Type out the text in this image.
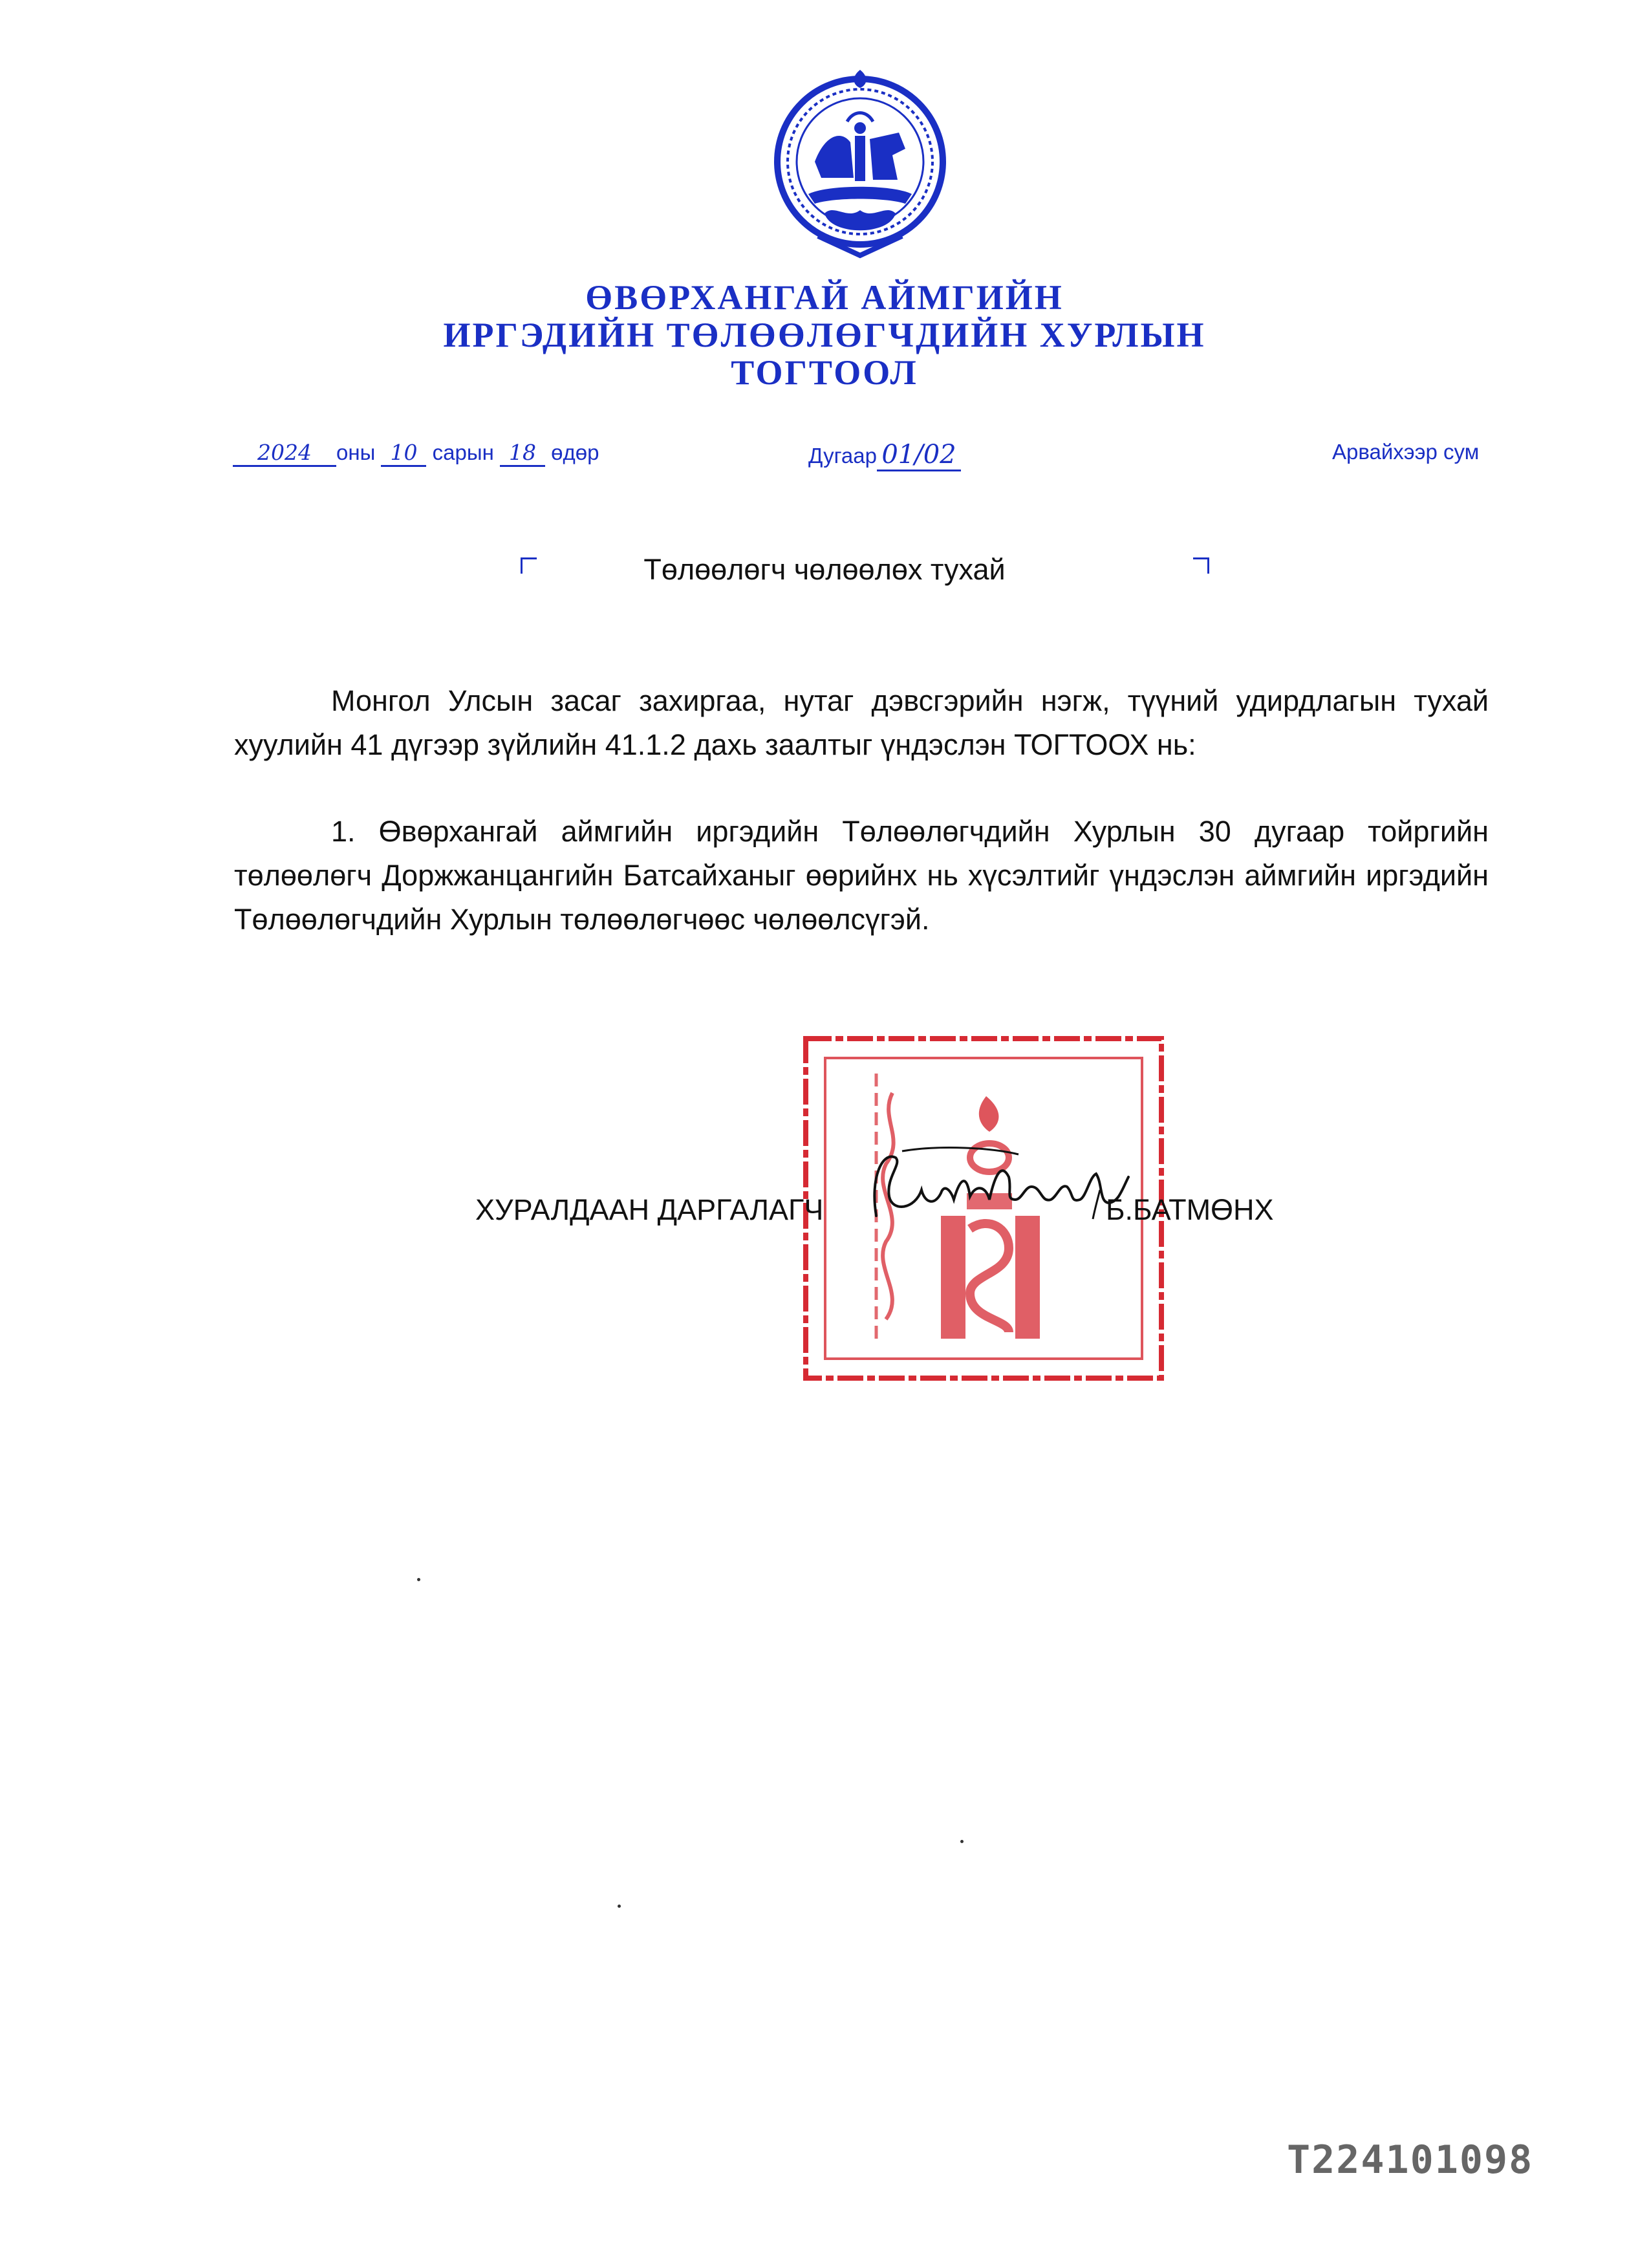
ӨВӨРХАНГАЙ АЙМГИЙН
ИРГЭДИЙН ТӨЛӨӨЛӨГЧДИЙН ХУРЛЫН
ТОГТООЛ
2024 оны 10 сарын 18 өдөр	Дугаар 01/02	Арвайхээр сум
Төлөөлөгч чөлөөлөх тухай

Монгол Улсын засаг захиргаа, нутаг дэвсгэрийн нэгж, түүний удирдлагын тухай хуулийн 41 дүгээр зүйлийн 41.1.2 дахь заалтыг үндэслэн ТОГТООХ нь:

1. Өвөрхангай аймгийн иргэдийн Төлөөлөгчдийн Хурлын 30 дугаар тойргийн төлөөлөгч Доржжанцангийн Батсайханыг өөрийнх нь хүсэлтийг үндэслэн аймгийн иргэдийн Төлөөлөгчдийн Хурлын төлөөлөгчөөс чөлөөлсүгэй.

ХУРАЛДААН ДАРГАЛАГЧ	Б.БАТМӨНХ
T224101098
